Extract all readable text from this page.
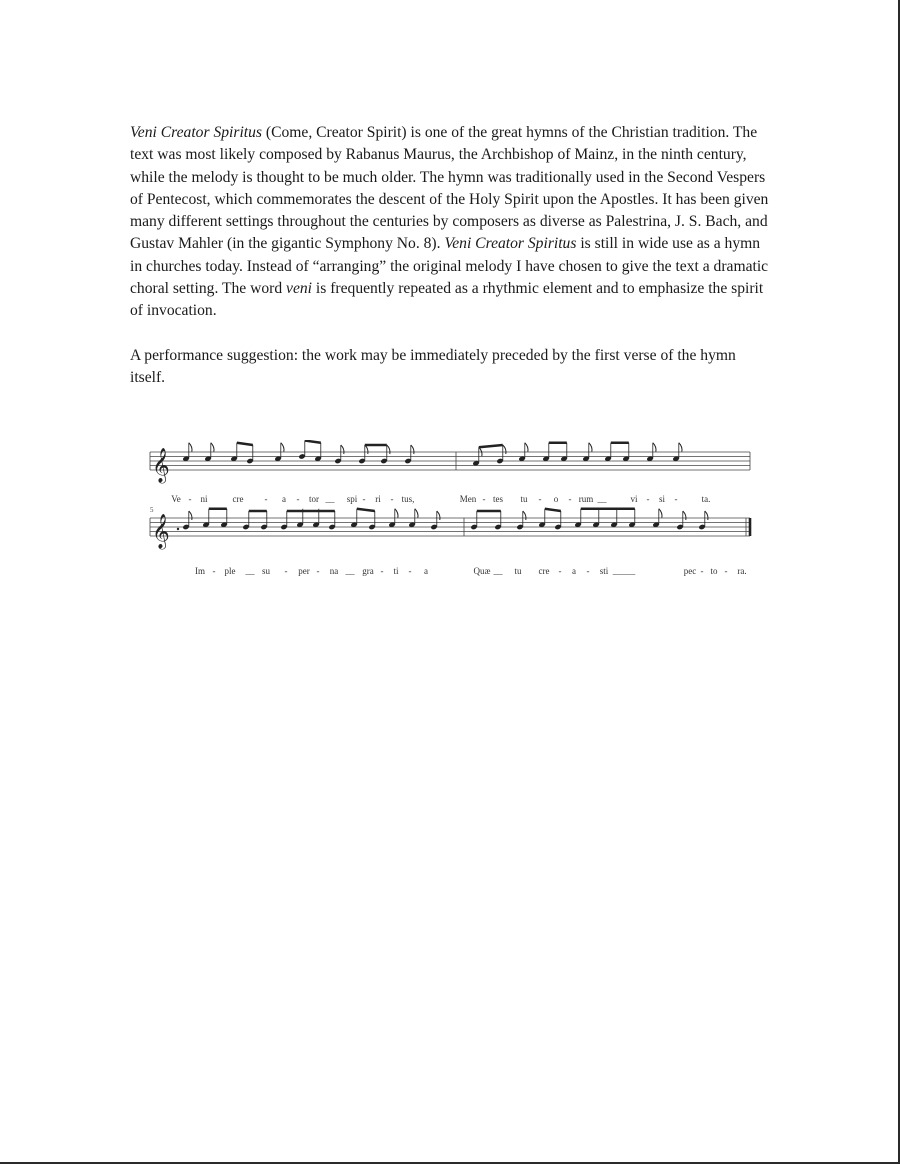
Veni Creator Spiritus (Come, Creator Spirit) is one of the great hymns of the Christian tradition. The text was most likely composed by Rabanus Maurus, the Archbishop of Mainz, in the ninth century, while the melody is thought to be much older. The hymn was traditionally used in the Second Vespers of Pentecost, which commemorates the descent of the Holy Spirit upon the Apostles. It has been given many different settings throughout the centuries by composers as diverse as Palestrina, J. S. Bach, and Gustav Mahler (in the gigantic Symphony No. 8). Veni Creator Spiritus is still in wide use as a hymn in churches today. Instead of “arranging” the original melody I have chosen to give the text a dramatic choral setting. The word veni is frequently repeated as a rhythmic element and to emphasize the spirit of invocation.

A performance suggestion: the work may be immediately preceded by the first verse of the hymn itself.

𝄞
Ve - ni	cre - a - tor __ spi - ri - tus,	Men - tes tu - o - rum __	vi - si -	ta.
𝄞
5
Im - ple __ su - per - na __ gra - ti - a	Quæ __ tu cre - a - sti _____	pec - to - ra.
